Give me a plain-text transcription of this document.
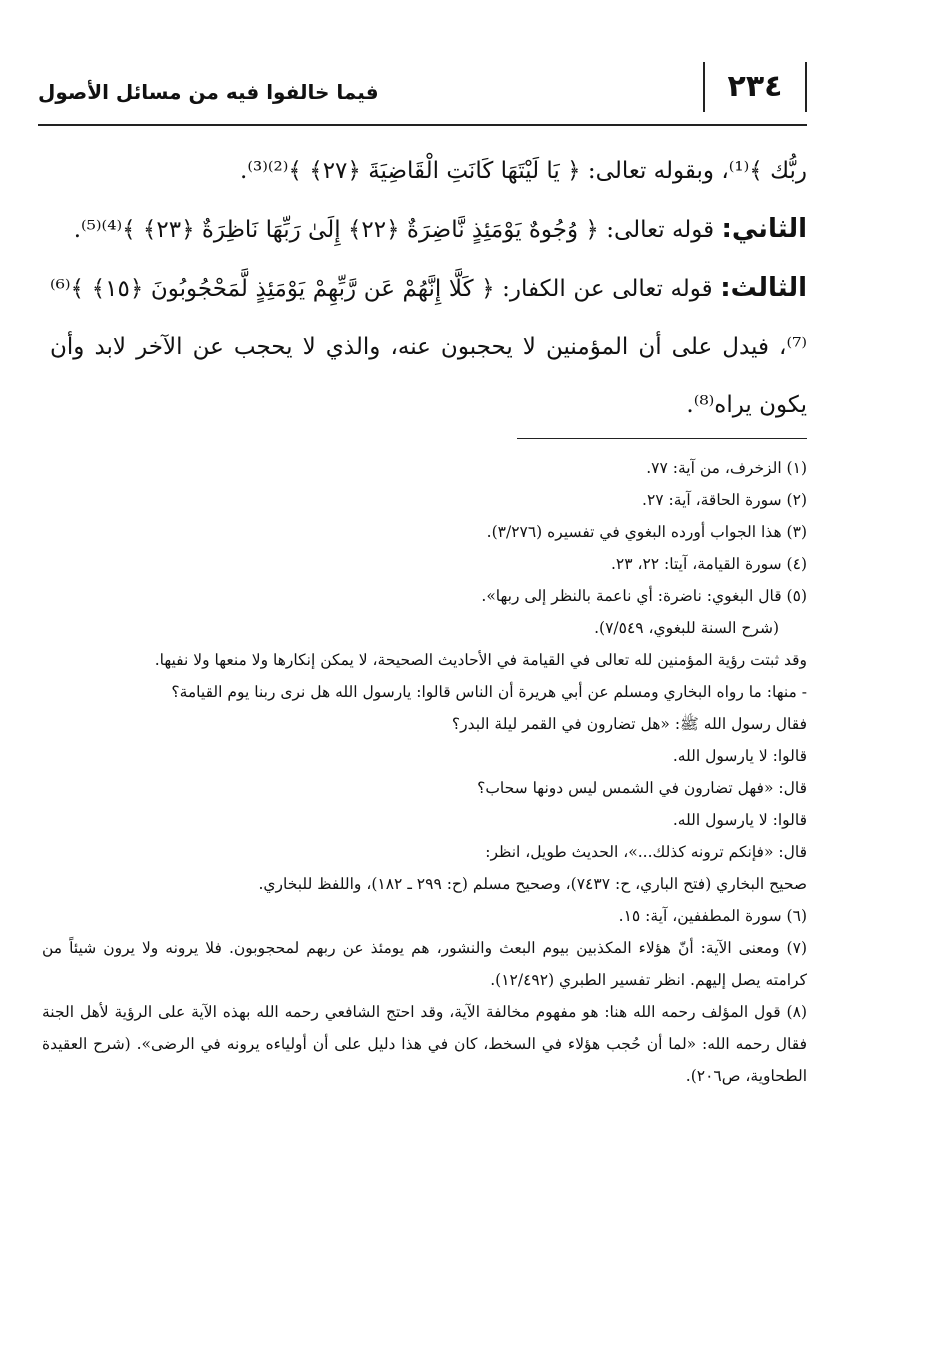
٢٣٤
فيما خالفوا فيه من مسائل الأصول

ربُّك ﴾⁽¹⁾، وبقوله تعالى: ﴿ يَا لَيْتَهَا كَانَتِ الْقَاضِيَةَ ﴿٢٧﴾ ﴾⁽²⁾⁽³⁾.

الثاني: قوله تعالى: ﴿ وُجُوهٌ يَوْمَئِذٍ نَّاضِرَةٌ ﴿٢٢﴾ إِلَىٰ رَبِّهَا نَاظِرَةٌ ﴿٢٣﴾ ﴾⁽⁴⁾⁽⁵⁾.

الثالث: قوله تعالى عن الكفار: ﴿ كَلَّا إِنَّهُمْ عَن رَّبِّهِمْ يَوْمَئِذٍ لَّمَحْجُوبُونَ ﴿١٥﴾ ﴾⁽⁶⁾⁽⁷⁾، فيدل على أن المؤمنين لا يحجبون عنه، والذي لا يحجب عن الآخر لابد وأن يكون يراه⁽⁸⁾.

(١) الزخرف، من آية: ٧٧.

(٢) سورة الحاقة، آية: ٢٧.

(٣) هذا الجواب أورده البغوي في تفسيره (٣/٢٧٦).

(٤) سورة القيامة، آيتا: ٢٢، ٢٣.

(٥) قال البغوي: ناضرة: أي ناعمة بالنظر إلى ربها».

(شرح السنة للبغوي، ٧/٥٤٩).

وقد ثبتت رؤية المؤمنين لله تعالى في القيامة في الأحاديث الصحيحة، لا يمكن إنكارها ولا منعها ولا نفيها.

- منها: ما رواه البخاري ومسلم عن أبي هريرة أن الناس قالوا: يارسول الله هل نرى ربنا يوم القيامة؟

فقال رسول الله ﷺ: «هل تضارون في القمر ليلة البدر؟

قالوا: لا يارسول الله.

قال: «فهل تضارون في الشمس ليس دونها سحاب؟

قالوا: لا يارسول الله.

قال: «فإنكم ترونه كذلك...»، الحديث طويل، انظر:

صحيح البخاري (فتح الباري، ح: ٧٤٣٧)، وصحيح مسلم (ح: ٢٩٩ ـ ١٨٢)، واللفظ للبخاري.

(٦) سورة المطففين، آية: ١٥.

(٧) ومعنى الآية: أنّ هؤلاء المكذبين بيوم البعث والنشور، هم يومئذ عن ربهم لمحجوبون. فلا يرونه ولا يرون شيئاً من كرامته يصل إليهم. انظر تفسير الطبري (١٢/٤٩٢).

(٨) قول المؤلف رحمه الله هنا: هو مفهوم مخالفة الآية، وقد احتج الشافعي رحمه الله بهذه الآية على الرؤية لأهل الجنة فقال رحمه الله: «لما أن حُجب هؤلاء في السخط، كان في هذا دليل على أن أولياءه يرونه في الرضى». (شرح العقيدة الطحاوية، ص٢٠٦).
